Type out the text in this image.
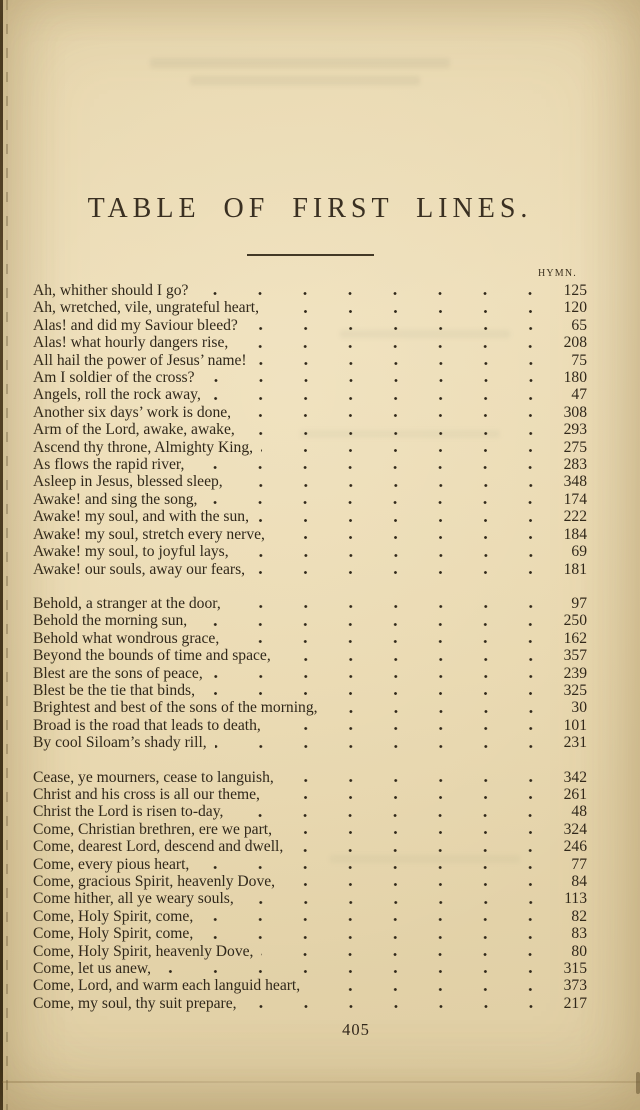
TABLE OF FIRST LINES.
HYMN.
Ah, whither should I go?	125
Ah, wretched, vile, ungrateful heart,	120
Alas! and did my Saviour bleed?	65
Alas! what hourly dangers rise,	208
All hail the power of Jesus’ name!	75
Am I soldier of the cross?	180
Angels, roll the rock away,	47
Another six days’ work is done,	308
Arm of the Lord, awake, awake,	293
Ascend thy throne, Almighty King,	275
As flows the rapid river,	283
Asleep in Jesus, blessed sleep,	348
Awake! and sing the song,	174
Awake! my soul, and with the sun,	222
Awake! my soul, stretch every nerve,	184
Awake! my soul, to joyful lays,	69
Awake! our souls, away our fears,	181
Behold, a stranger at the door,	97
Behold the morning sun,	250
Behold what wondrous grace,	162
Beyond the bounds of time and space,	357
Blest are the sons of peace,	239
Blest be the tie that binds,	325
Brightest and best of the sons of the morning,	30
Broad is the road that leads to death,	101
By cool Siloam’s shady rill,	231
Cease, ye mourners, cease to languish,	342
Christ and his cross is all our theme,	261
Christ the Lord is risen to-day,	48
Come, Christian brethren, ere we part,	324
Come, dearest Lord, descend and dwell,	246
Come, every pious heart,	77
Come, gracious Spirit, heavenly Dove,	84
Come hither, all ye weary souls,	113
Come, Holy Spirit, come,	82
Come, Holy Spirit, come,	83
Come, Holy Spirit, heavenly Dove,	80
Come, let us anew,	315
Come, Lord, and warm each languid heart,	373
Come, my soul, thy suit prepare,	217
405
